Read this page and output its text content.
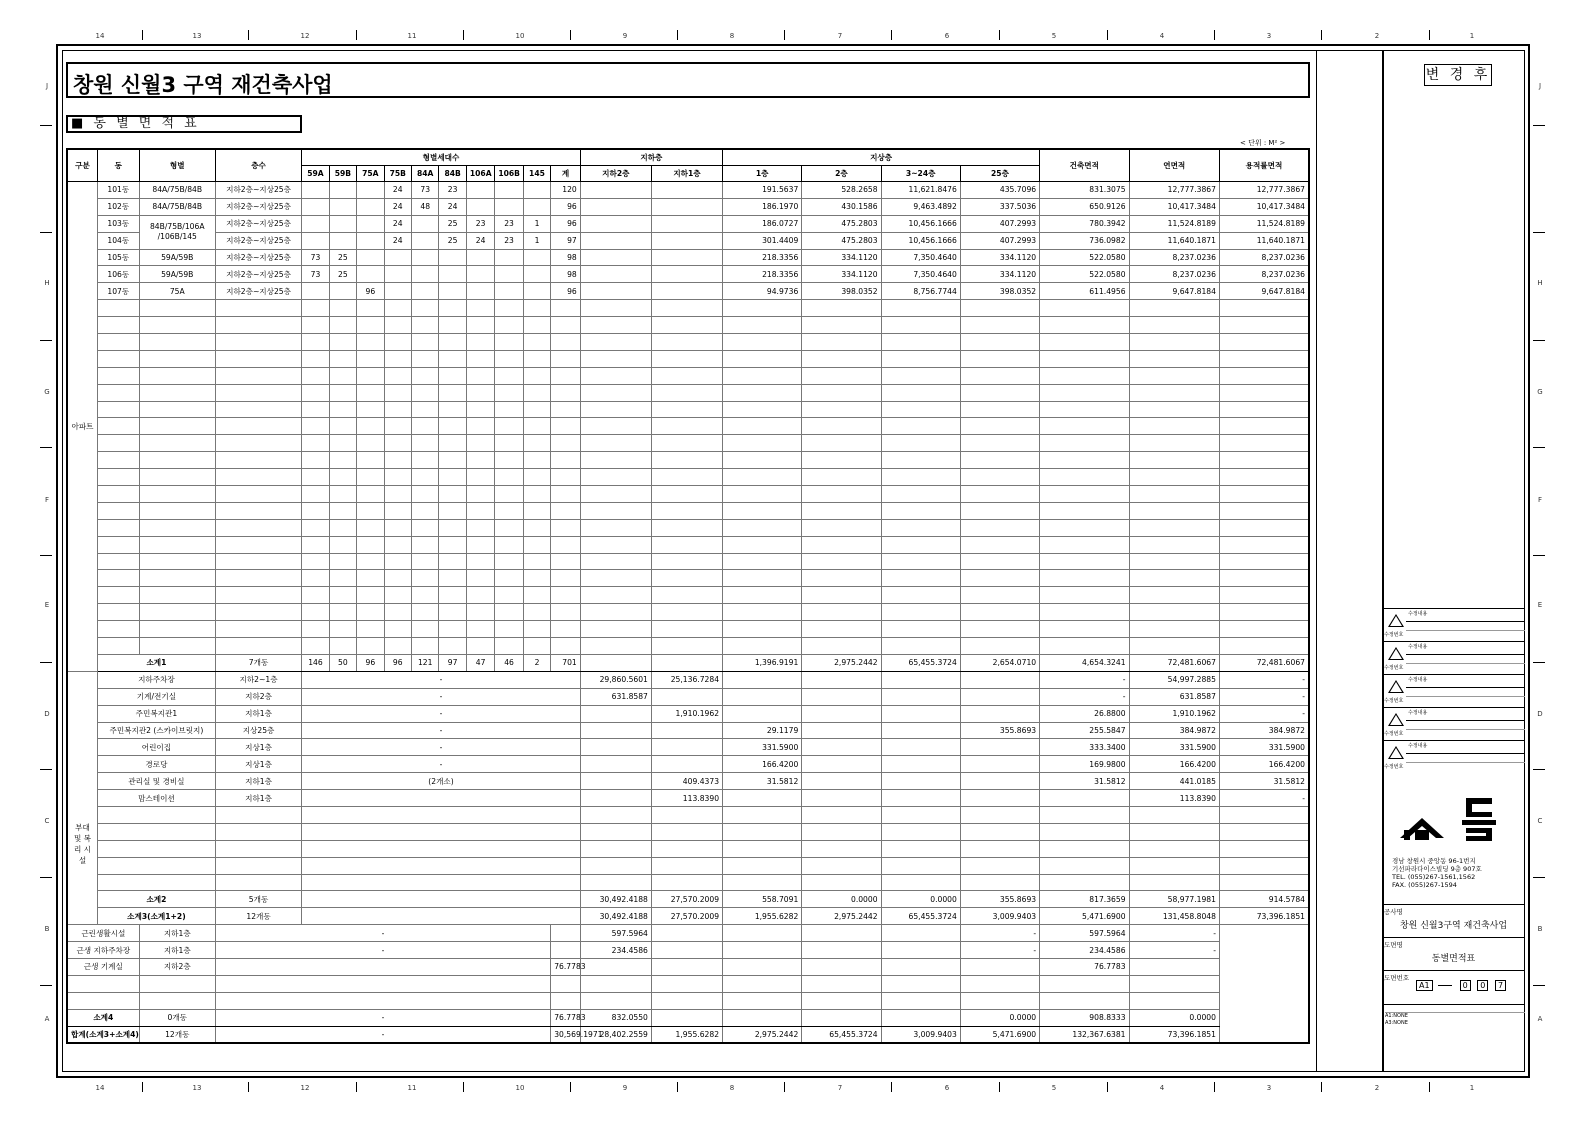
14	13	12	11	10	9	8	7	6	5	4	3	2	1
14	13	12	11	10	9	8	7	6	5	4	3	2	1
J
H
G
F
E
D
C
B
A
J
H
G
F
E
D
C
B
A
창원 신월3 구역 재건축사업
■ 동 별 면 적 표
< 단위 : M² >
구분	동	형별	층수	형별세대수										지하층		지상층				건축면적	연면적	용적률면적
				59A	59B	75A	75B	84A	84B	106A	106B	145	계	지하2층	지하1층	1층	2층	3~24층	25층			
아파트	101동	84A/75B/84B	지하2층~지상25층				24	73	23				120			191.5637	528.2658	11,621.8476	435.7096	831.3075	12,777.3867	12,777.3867
	102동	84A/75B/84B	지하2층~지상25층				24	48	24				96			186.1970	430.1586	9,463.4892	337.5036	650.9126	10,417.3484	10,417.3484
	103동	84B/75B/106A
/106B/145	지하2층~지상25층				24		25	23	23	1	96			186.0727	475.2803	10,456.1666	407.2993	780.3942	11,524.8189	11,524.8189
	104동		지하2층~지상25층				24		25	24	23	1	97			301.4409	475.2803	10,456.1666	407.2993	736.0982	11,640.1871	11,640.1871
	105동	59A/59B	지하2층~지상25층	73	25								98			218.3356	334.1120	7,350.4640	334.1120	522.0580	8,237.0236	8,237.0236
	106동	59A/59B	지하2층~지상25층	73	25								98			218.3356	334.1120	7,350.4640	334.1120	522.0580	8,237.0236	8,237.0236
	107동	75A	지하2층~지상25층			96							96			94.9736	398.0352	8,756.7744	398.0352	611.4956	9,647.8184	9,647.8184

	소계1		7개동	146	50	96	96	121	97	47	46	2	701			1,396.9191	2,975.2442	65,455.3724	2,654.0710	4,654.3241	72,481.6067	72,481.6067
부대 및 복리 시설	지하주차장		지하2~1층	-										29,860.5601	25,136.7284					-	54,997.2885	-
	기계/전기실		지하2층	-										631.8587						-	631.8587	-
	주민복지관1		지하1층	-											1,910.1962					26.8800	1,910.1962	-
	주민복지관2 (스카이브릿지)		지상25층	-												29.1179			355.8693	255.5847	384.9872	384.9872
	어린이집		지상1층	-												331.5900				333.3400	331.5900	331.5900
	경로당		지상1층	-												166.4200				169.9800	166.4200	166.4200
	관리실 및 경비실		지하1층	(2개소)											409.4373	31.5812				31.5812	441.0185	31.5812
	맘스테이션		지하1층												113.8390						113.8390	-

	소계2		5개동											30,492.4188	27,570.2009	558.7091	0.0000	0.0000	355.8693	817.3659	58,977.1981	914.5784
	소계3(소계1+2)		12개동											30,492.4188	27,570.2009	1,955.6282	2,975.2442	65,455.3724	3,009.9403	5,471.6900	131,458.8048	73,396.1851
근린생활시설		지하1층	-											597.5964					-	597.5964	-	
근생 지하주차장		지하1층	-											234.4586					-	234.4586	-	
근생 기계실		지하2층											76.7783							76.7783		

소계4		0개동	-										76.7783	832.0550					0.0000	908.8333	0.0000	
합계(소계3+소계4)		12개동	-										30,569.1971	28,402.2559	1,955.6282	2,975.2442	65,455.3724	3,009.9403	5,471.6900	132,367.6381	73,396.1851	
변 경 후
수정내용
수정번호
수정내용
수정번호
수정내용
수정번호
수정내용
수정번호
수정내용
수정번호
경남 창원시 중앙동 96-1번지
기선파라다이스빌딩 9층 907호
TEL. (055)267-1561,1562
FAX. (055)267-1594
공사명
창원 신월3구역 재건축사업
도면명
동별면적표
도면번호
A1	0 0 7
A1:NONE
A3:NONE
